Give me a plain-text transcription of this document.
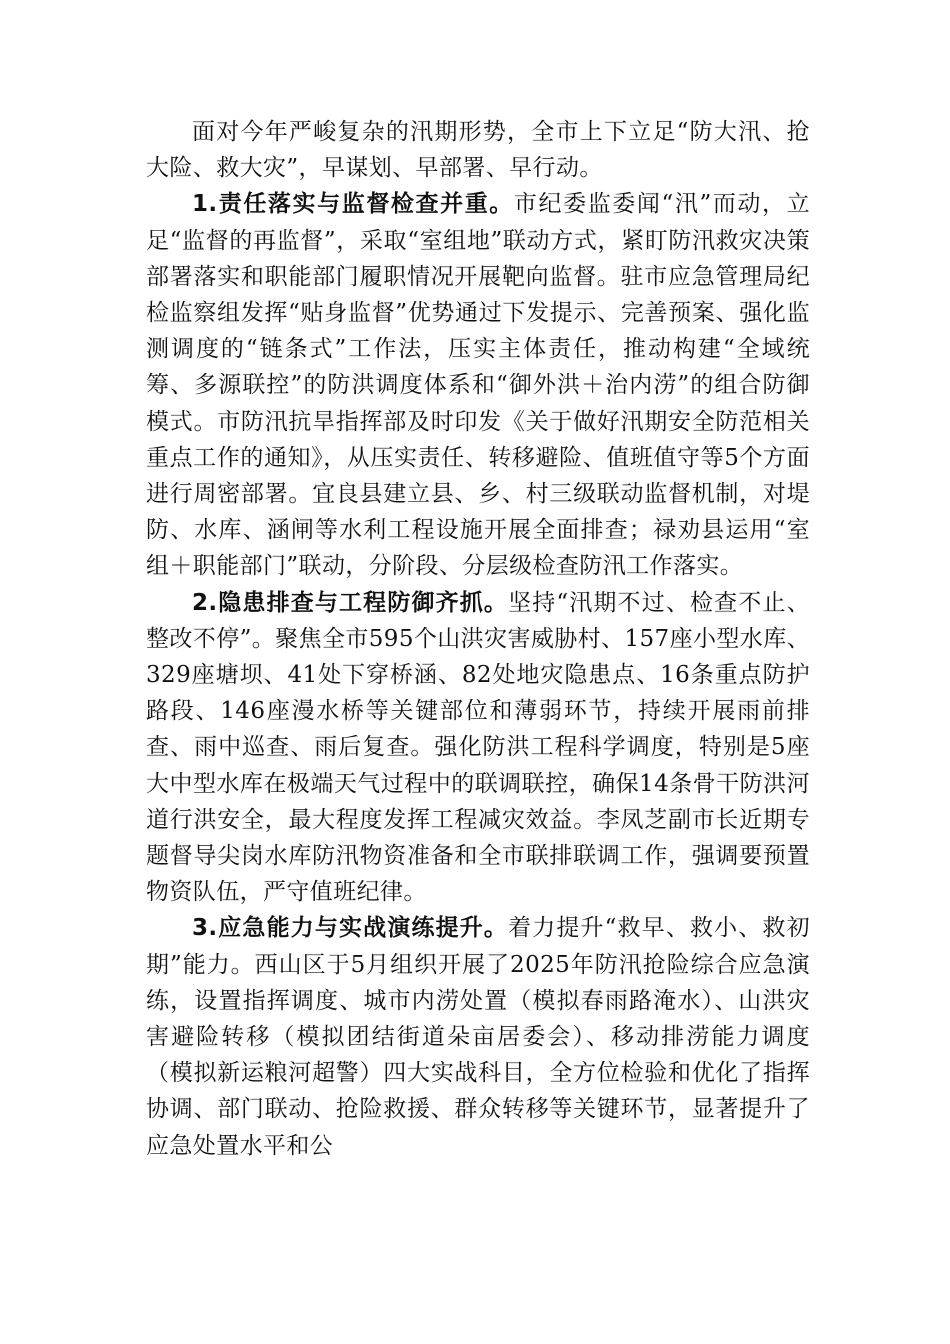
面对今年严峻复杂的汛期形势，全市上下立足“防大汛、抢大险、救大灾”，早谋划、早部署、早行动。

1.责任落实与监督检查并重。市纪委监委闻“汛”而动，立足“监督的再监督”，采取“室组地”联动方式，紧盯防汛救灾决策部署落实和职能部门履职情况开展靶向监督。驻市应急管理局纪检监察组发挥“贴身监督”优势通过下发提示、完善预案、强化监测调度的“链条式”工作法，压实主体责任，推动构建“全域统筹、多源联控”的防洪调度体系和“御外洪＋治内涝”的组合防御模式。市防汛抗旱指挥部及时印发《关于做好汛期安全防范相关重点工作的通知》，从压实责任、转移避险、值班值守等5个方面进行周密部署。宜良县建立县、乡、村三级联动监督机制，对堤防、水库、涵闸等水利工程设施开展全面排查；禄劝县运用“室组＋职能部门”联动，分阶段、分层级检查防汛工作落实。

2.隐患排查与工程防御齐抓。坚持“汛期不过、检查不止、整改不停”。聚焦全市595个山洪灾害威胁村、157座小型水库、329座塘坝、41处下穿桥涵、82处地灾隐患点、16条重点防护路段、146座漫水桥等关键部位和薄弱环节，持续开展雨前排查、雨中巡查、雨后复查。强化防洪工程科学调度，特别是5座大中型水库在极端天气过程中的联调联控，确保14条骨干防洪河道行洪安全，最大程度发挥工程减灾效益。李凤芝副市长近期专题督导尖岗水库防汛物资准备和全市联排联调工作，强调要预置物资队伍，严守值班纪律。

3.应急能力与实战演练提升。着力提升“救早、救小、救初期”能力。西山区于5月组织开展了2025年防汛抢险综合应急演练，设置指挥调度、城市内涝处置（模拟春雨路淹水）、山洪灾害避险转移（模拟团结街道朵亩居委会）、移动排涝能力调度（模拟新运粮河超警）四大实战科目，全方位检验和优化了指挥协调、部门联动、抢险救援、群众转移等关键环节，显著提升了应急处置水平和公
